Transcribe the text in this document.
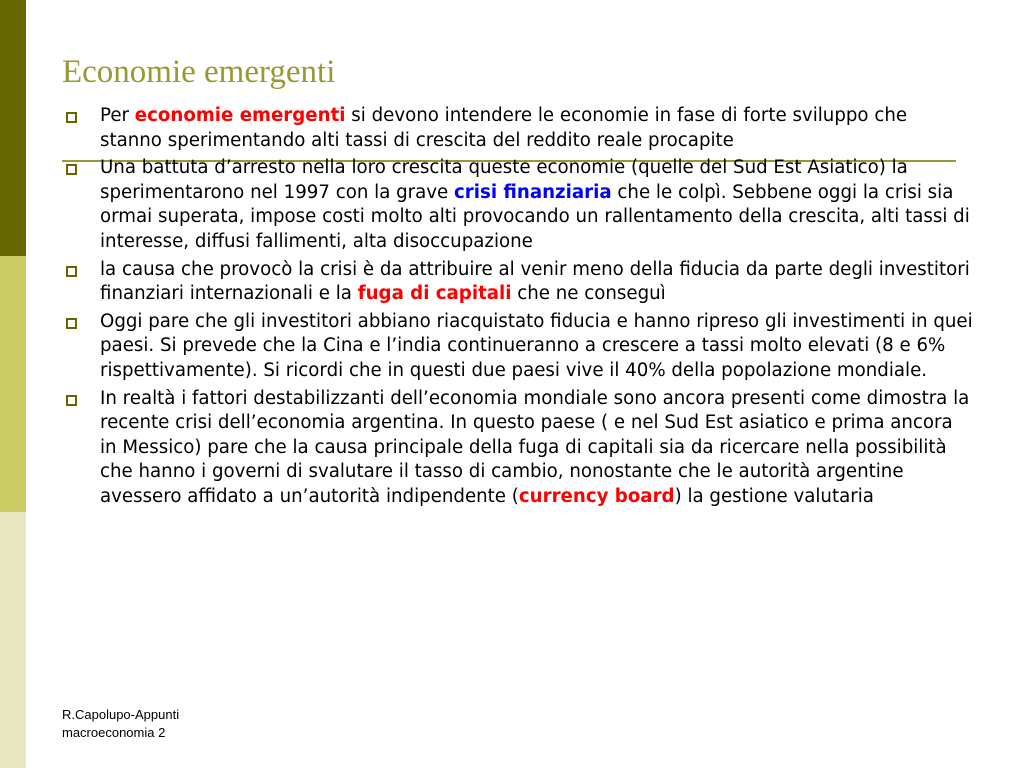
Economie emergenti
Per economie emergenti si devono intendere le economie in fase di forte sviluppo che stanno sperimentando alti tassi di crescita del reddito reale procapite
Una battuta d’arresto nella loro crescita queste economie (quelle del Sud Est Asiatico) la sperimentarono nel 1997 con la grave crisi finanziaria che le colpì. Sebbene oggi la crisi sia ormai superata, impose costi molto alti provocando un rallentamento della crescita, alti tassi di interesse, diffusi fallimenti, alta disoccupazione
la causa che provocò la crisi è da attribuire al venir meno della fiducia da parte degli investitori finanziari internazionali e la fuga di capitali che ne conseguì
Oggi pare che gli investitori abbiano riacquistato fiducia e hanno ripreso gli investimenti in quei paesi. Si prevede che la Cina e l’india continueranno a crescere a tassi molto elevati (8 e 6% rispettivamente). Si ricordi che in questi due paesi vive il 40% della popolazione mondiale.
In realtà i fattori destabilizzanti dell’economia mondiale sono ancora presenti come dimostra la recente crisi dell’economia argentina. In questo paese ( e nel Sud Est asiatico e prima ancora in Messico) pare che la causa principale della fuga di capitali sia da ricercare nella possibilità che hanno i governi di svalutare il tasso di cambio, nonostante che le autorità argentine avessero affidato a un’autorità indipendente (currency board) la gestione valutaria
R.Capolupo-Appunti
macroeconomia 2
